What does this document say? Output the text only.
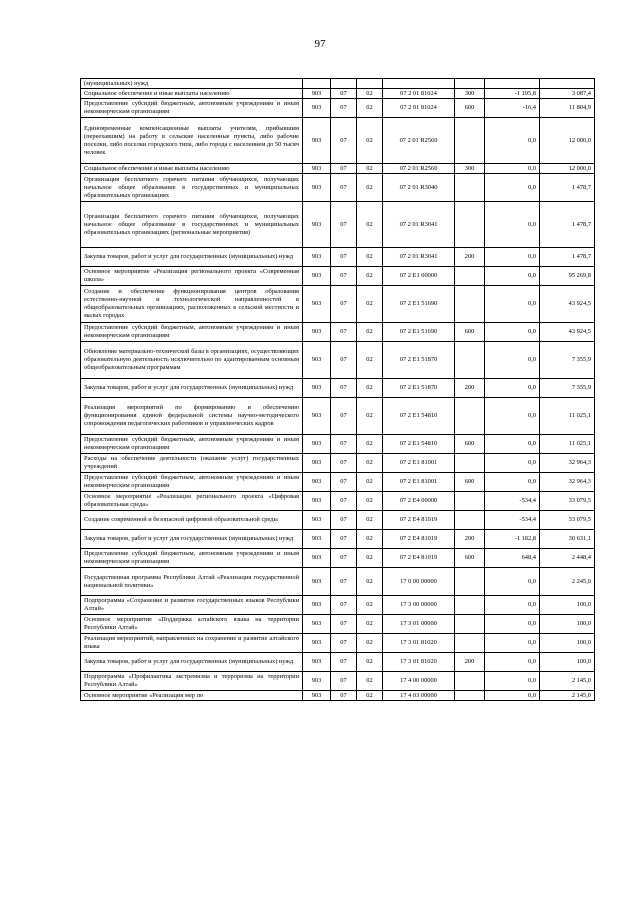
97
(муниципальных) нужд							
Социальное обеспечение и иные выплаты населению	903	07	02	07 2 01 81024	300	-1 195,8	3 087,4
Предоставление субсидий бюджетным, автономным учреждениям и иным некоммерческим организациям	903	07	02	07 2 01 81024	600	-16,4	11 804,9
Единовременные компенсационные выплаты учителям, прибывшим (переехавшим) на работу в сельские населенные пункты, либо рабочие поселки, либо поселки городского типа, либо города с населением до 50 тысяч человек	903	07	02	07 2 01 R2560		0,0	12 000,0
Социальное обеспечение и иные выплаты населению	903	07	02	07 2 01 R2560	300	0,0	12 000,0
Организация бесплатного горячего питания обучающихся, получающих начальное общее образование в государственных и муниципальных образовательных организациях	903	07	02	07 2 01 R3040		0,0	1 478,7
Организация бесплатного горячего питания обучающихся, получающих начальное общее образование в государственных и муниципальных образовательных организациях (региональные мероприятия)	903	07	02	07 2 01 R3041		0,0	1 478,7
Закупка товаров, работ и услуг для государственных (муниципальных) нужд	903	07	02	07 2 01 R3041	200	0,0	1 478,7
Основное мероприятие «Реализация регионального проекта «Современная школа»	903	07	02	07 2 E1 00000		0,0	95 269,8
Создание и обеспечение функционирования центров образования естественно-научной и технологической направленностей в общеобразовательных организациях, расположенных в сельской местности и малых городах	903	07	02	07 2 E1 51690		0,0	43 924,5
Предоставление субсидий бюджетным, автономным учреждениям и иным некоммерческим организациям	903	07	02	07 2 E1 51690	600	0,0	43 924,5
Обновление материально-технической базы в организациях, осуществляющих образовательную деятельность исключительно по адаптированным основным общеобразовательным программам	903	07	02	07 2 E1 51870		0,0	7 355,9
Закупка товаров, работ и услуг для государственных (муниципальных) нужд	903	07	02	07 2 E1 51870	200	0,0	7 355,9
Реализация мероприятий по формированию и обеспечению функционирования единой федеральной системы научно-методического сопровождения педагогических работников и управленческих кадров	903	07	02	07 2 E1 54810		0,0	11 025,1
Предоставление субсидий бюджетным, автономным учреждениям и иным некоммерческим организациям	903	07	02	07 2 E1 54810	600	0,0	11 025,1
Расходы на обеспечение деятельности (оказание услуг) государственных учреждений	903	07	02	07 2 E1 81001		0,0	32 964,3
Предоставление субсидий бюджетным, автономным учреждениям и иным некоммерческим организациям	903	07	02	07 2 E1 81001	600	0,0	32 964,3
Основное мероприятие «Реализация регионального проекта «Цифровая образовательная среда»	903	07	02	07 2 E4 00000		-534,4	33 079,5
Создание современной и безопасной цифровой образовательной среды	903	07	02	07 2 E4 81019		-534,4	33 079,5
Закупка товаров, работ и услуг для государственных (муниципальных) нужд	903	07	02	07 2 E4 81019	200	-1 182,8	30 631,1
Предоставление субсидий бюджетным, автономным учреждениям и иным некоммерческим организациям	903	07	02	07 2 E4 81019	600	648,4	2 448,4
Государственная программа Республики Алтай «Реализация государственной национальной политики»	903	07	02	17 0 00 00000		0,0	2 245,0
Подпрограмма «Сохранение и развитие государственных языков Республики Алтай»	903	07	02	17 3 00 00000		0,0	100,0
Основное мероприятие «Поддержка алтайского языка на территории Республики Алтай»	903	07	02	17 3 01 00000		0,0	100,0
Реализация мероприятий, направленных на сохранение и развитие алтайского языка	903	07	02	17 3 01 81020		0,0	100,0
Закупка товаров, работ и услуг для государственных (муниципальных) нужд	903	07	02	17 3 01 81020	200	0,0	100,0
Подпрограмма «Профилактика экстремизма и терроризма на территории Республики Алтай»	903	07	02	17 4 00 00000		0,0	2 145,0
Основное мероприятие «Реализация мер по	903	07	02	17 4 03 00000		0,0	2 145,0
